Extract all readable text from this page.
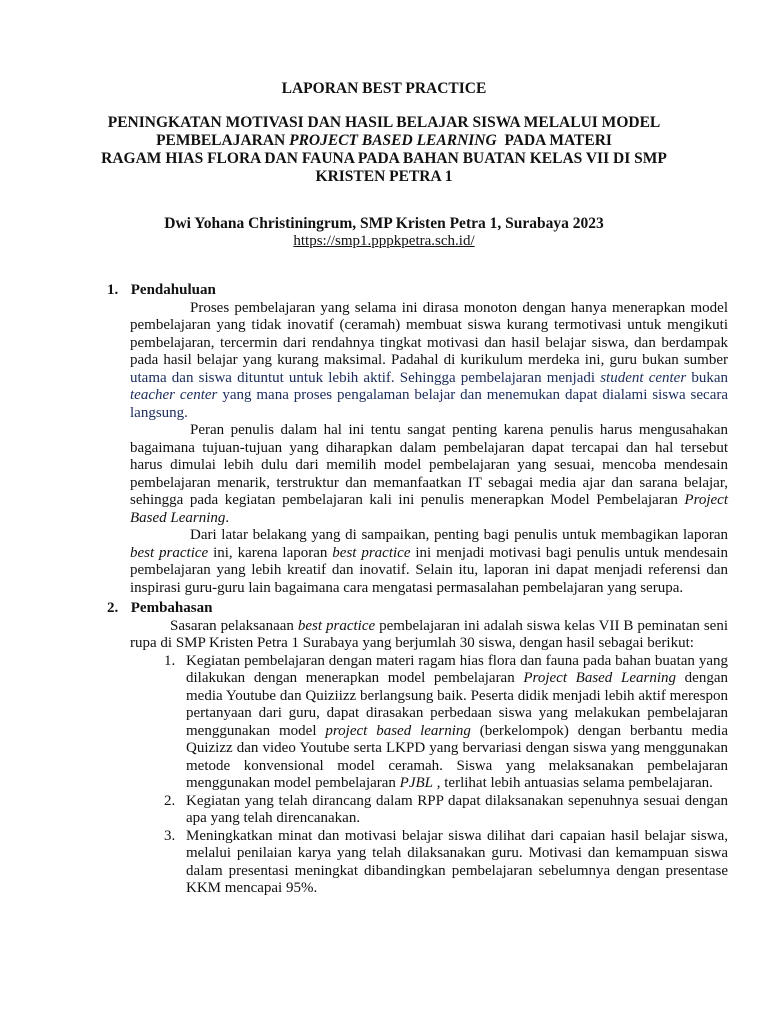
LAPORAN BEST PRACTICE
PENINGKATAN MOTIVASI DAN HASIL BELAJAR SISWA MELALUI MODEL
PEMBELAJARAN PROJECT BASED LEARNING  PADA MATERI
RAGAM HIAS FLORA DAN FAUNA PADA BAHAN BUATAN KELAS VII DI SMP
KRISTEN PETRA 1
Dwi Yohana Christiningrum, SMP Kristen Petra 1, Surabaya 2023
https://smp1.pppkpetra.sch.id/
1. Pendahuluan

Proses pembelajaran yang selama ini dirasa monoton dengan hanya menerapkan model pembelajaran yang tidak inovatif (ceramah) membuat siswa kurang termotivasi untuk mengikuti pembelajaran, tercermin dari rendahnya tingkat motivasi dan hasil belajar siswa, dan berdampak pada hasil belajar yang kurang maksimal. Padahal di kurikulum merdeka ini, guru bukan sumber utama dan siswa dituntut untuk lebih aktif. Sehingga pembelajaran menjadi student center bukan teacher center yang mana proses pengalaman belajar dan menemukan dapat dialami siswa secara langsung.

Peran penulis dalam hal ini tentu sangat penting karena penulis harus mengusahakan bagaimana tujuan-tujuan yang diharapkan dalam pembelajaran dapat tercapai dan hal tersebut harus dimulai lebih dulu dari memilih model pembelajaran yang sesuai, mencoba mendesain pembelajaran menarik, terstruktur dan memanfaatkan IT sebagai media ajar dan sarana belajar, sehingga pada kegiatan pembelajaran kali ini penulis menerapkan Model Pembelajaran Project Based Learning.

Dari latar belakang yang di sampaikan, penting bagi penulis untuk membagikan laporan best practice ini, karena laporan best practice ini menjadi motivasi bagi penulis untuk mendesain pembelajaran yang lebih kreatif dan inovatif. Selain itu, laporan ini dapat menjadi referensi dan inspirasi guru-guru lain bagaimana cara mengatasi permasalahan pembelajaran yang serupa.

2. Pembahasan

Sasaran pelaksanaan best practice pembelajaran ini adalah siswa kelas VII B peminatan seni rupa di SMP Kristen Petra 1 Surabaya yang berjumlah 30 siswa, dengan hasil sebagai berikut:

1. Kegiatan pembelajaran dengan materi ragam hias flora dan fauna pada bahan buatan yang dilakukan dengan menerapkan model pembelajaran Project Based Learning dengan media Youtube dan Quiziizz berlangsung baik. Peserta didik menjadi lebih aktif merespon pertanyaan dari guru, dapat dirasakan perbedaan siswa yang melakukan pembelajaran menggunakan model project based learning (berkelompok) dengan berbantu media Quizizz dan video Youtube serta LKPD yang bervariasi dengan siswa yang menggunakan metode konvensional model ceramah. Siswa yang melaksanakan pembelajaran menggunakan model pembelajaran PJBL , terlihat lebih antuasias selama pembelajaran.
2. Kegiatan yang telah dirancang dalam RPP dapat dilaksanakan sepenuhnya sesuai dengan apa yang telah direncanakan.
3. Meningkatkan minat dan motivasi belajar siswa dilihat dari capaian hasil belajar siswa, melalui penilaian karya yang telah dilaksanakan guru. Motivasi dan kemampuan siswa dalam presentasi meningkat dibandingkan pembelajaran sebelumnya dengan presentase KKM mencapai 95%.
